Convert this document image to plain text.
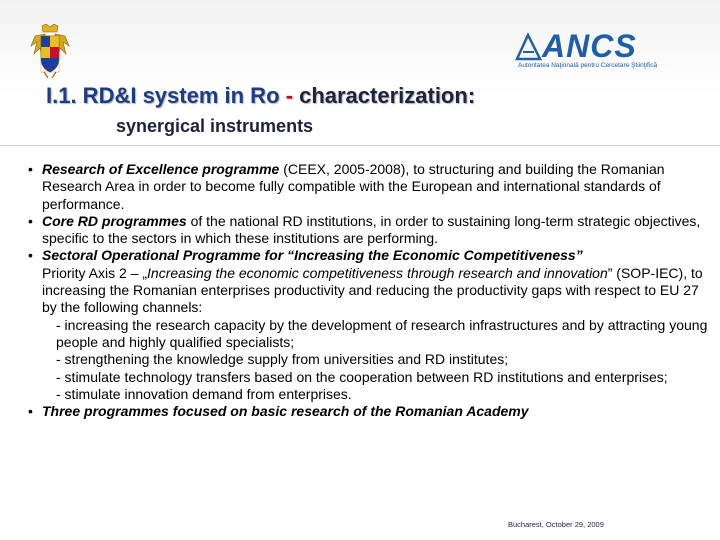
ANCS
Autoritatea Naţională pentru Cercetare Ştiinţifică
I.1. RD&I system in Ro - characterization:
synergical instruments
• Research of Excellence programme (CEEX, 2005-2008), to structuring and building the Romanian Research Area in order to become fully compatible with the European and international standards of performance.
• Core RD programmes of the national RD institutions, in order to sustaining long-term strategic objectives, specific to the sectors in which these institutions are performing.
• Sectoral Operational Programme for “Increasing the Economic Competitiveness”
Priority Axis 2 – „Increasing the economic competitiveness through research and innovation” (SOP-IEC), to increasing the Romanian enterprises productivity and reducing the productivity gaps with respect to EU 27 by the following channels:
- increasing the research capacity by the development of research infrastructures and by attracting young people and highly qualified specialists;
- strengthening the knowledge supply from universities and RD institutes;
- stimulate technology transfers based on the cooperation between RD institutions and enterprises;
- stimulate innovation demand from enterprises.
• Three programmes focused on basic research of the Romanian Academy
Bucharest, October 29, 2009
